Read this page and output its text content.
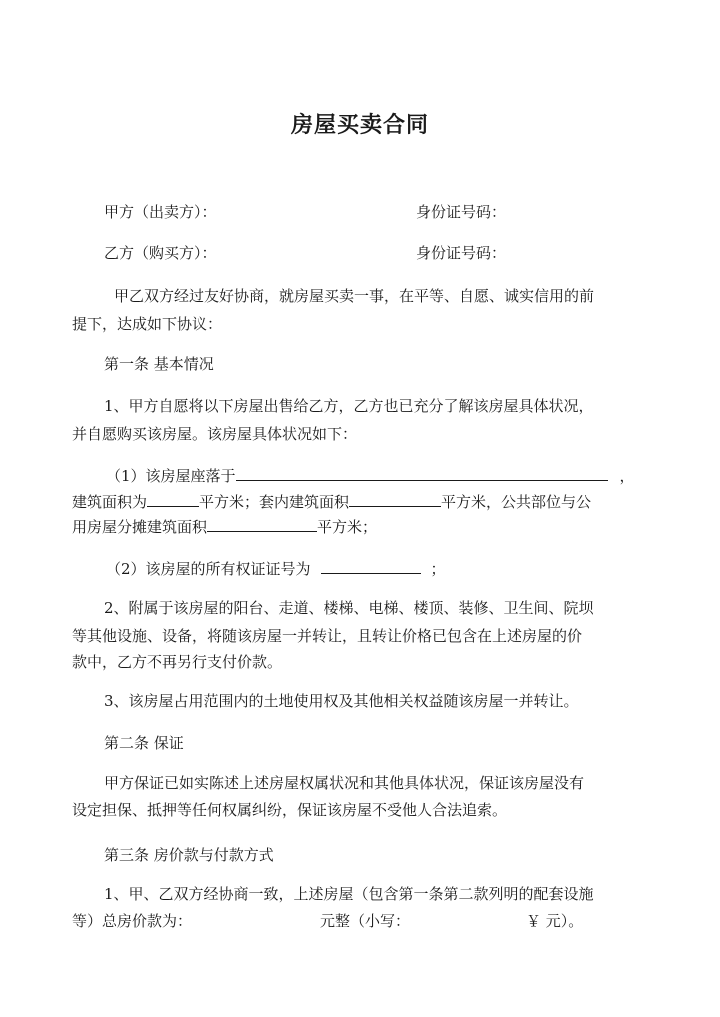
房屋买卖合同
甲方（出卖方）：	身份证号码：
乙方（购买方）：	身份证号码：
甲乙双方经过友好协商，就房屋买卖一事，在平等、自愿、诚实信用的前
提下，达成如下协议：
第一条 基本情况
1、甲方自愿将以下房屋出售给乙方，乙方也已充分了解该房屋具体状况，
并自愿购买该房屋。该房屋具体状况如下：
（1）该房屋座落于	，
建筑面积为	平方米；套内建筑面积	平方米，公共部位与公
用房屋分摊建筑面积	平方米；
（2）该房屋的所有权证证号为	；
2、附属于该房屋的阳台、走道、楼梯、电梯、楼顶、装修、卫生间、院坝
等其他设施、设备，将随该房屋一并转让，且转让价格已包含在上述房屋的价
款中，乙方不再另行支付价款。
3、该房屋占用范围内的土地使用权及其他相关权益随该房屋一并转让。
第二条 保证
甲方保证已如实陈述上述房屋权属状况和其他具体状况，保证该房屋没有
设定担保、抵押等任何权属纠纷，保证该房屋不受他人合法追索。
第三条 房价款与付款方式
1、甲、乙双方经协商一致，上述房屋（包含第一条第二款列明的配套设施
等）总房价款为：	元整（小写：	￥ 元）。
